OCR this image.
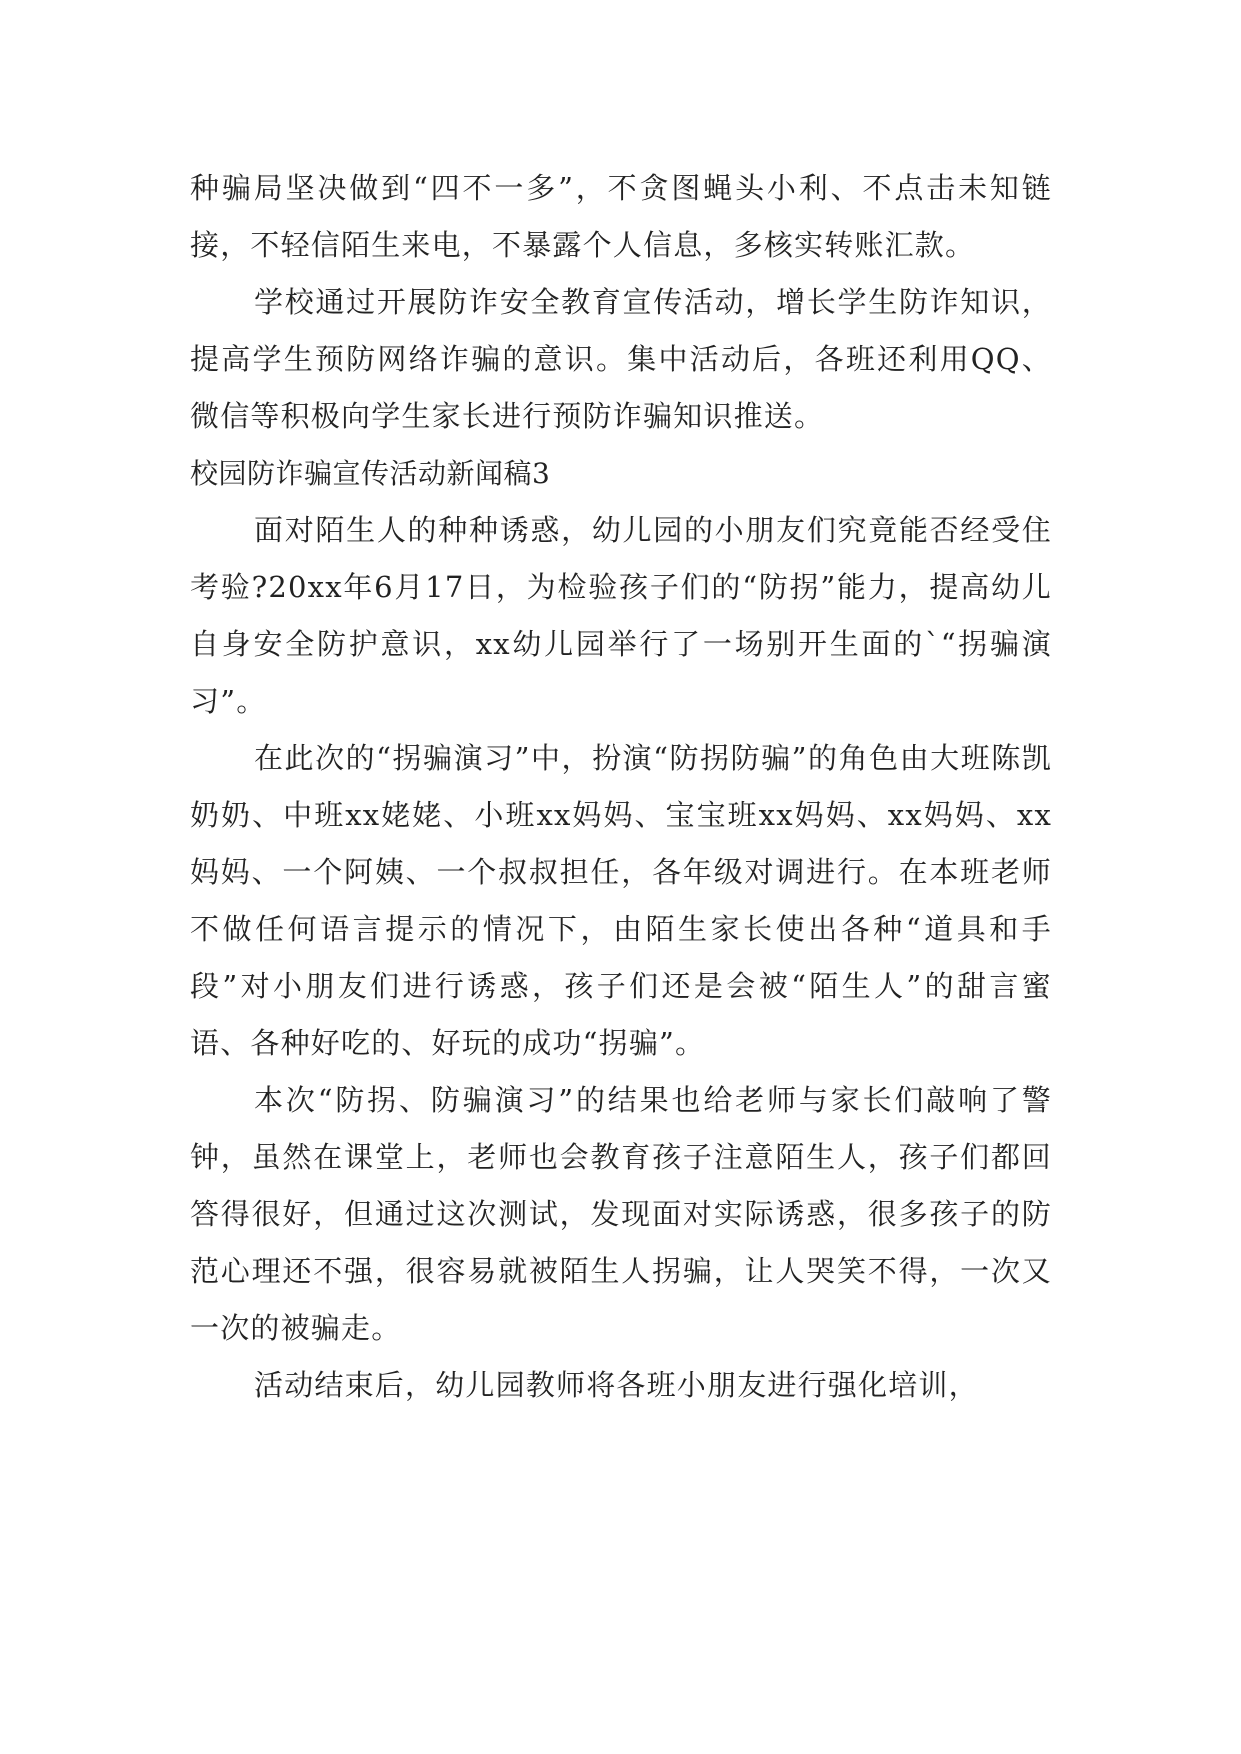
种骗局坚决做到“四不一多”，不贪图蝇头小利、不点击未知链接，不轻信陌生来电，不暴露个人信息，多核实转账汇款。

学校通过开展防诈安全教育宣传活动，增长学生防诈知识，提高学生预防网络诈骗的意识。集中活动后，各班还利用QQ、微信等积极向学生家长进行预防诈骗知识推送。

校园防诈骗宣传活动新闻稿3

面对陌生人的种种诱惑，幼儿园的小朋友们究竟能否经受住考验?20xx年6月17日，为检验孩子们的“防拐”能力，提高幼儿自身安全防护意识，xx幼儿园举行了一场别开生面的`“拐骗演习”。

在此次的“拐骗演习”中，扮演“防拐防骗”的角色由大班陈凯奶奶、中班xx姥姥、小班xx妈妈、宝宝班xx妈妈、xx妈妈、xx妈妈、一个阿姨、一个叔叔担任，各年级对调进行。在本班老师不做任何语言提示的情况下，由陌生家长使出各种“道具和手段”对小朋友们进行诱惑，孩子们还是会被“陌生人”的甜言蜜语、各种好吃的、好玩的成功“拐骗”。

本次“防拐、防骗演习”的结果也给老师与家长们敲响了警钟，虽然在课堂上，老师也会教育孩子注意陌生人，孩子们都回答得很好，但通过这次测试，发现面对实际诱惑，很多孩子的防范心理还不强，很容易就被陌生人拐骗，让人哭笑不得，一次又一次的被骗走。

活动结束后，幼儿园教师将各班小朋友进行强化培训，
